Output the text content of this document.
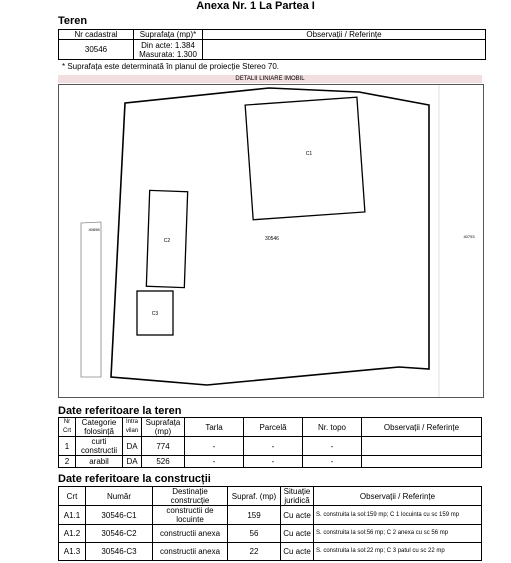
Anexa Nr. 1 La Partea I
Teren
Nr cadastral	Suprafața (mp)*	Observații / Referințe
30546	Din acte: 1.384
Masurata: 1.300	

* Suprafața este determinată în planul de proiecție Stereo 70.
DETALII LINIARE IMOBIL
C1
C2
C3
30546
40698
40793
Date referitoare la teren
Nr Crt	Categorie folosință	Intra vilan	Suprafața (mp)	Tarla	Parcelă	Nr. topo	Observații / Referințe
1	curti constructii	DA	774	-	-	-	
2	arabil	DA	526	-	-	-	
Date referitoare la construcții
Crt	Număr	Destinație construcție	Supraf. (mp)	Situație juridică	Observații / Referințe
A1.1	30546-C1	constructii de locuinte	159	Cu acte	S. construita la sol:159 mp; C 1 locuinta cu sc 159 mp
A1.2	30546-C2	constructii anexa	56	Cu acte	S. construita la sol:56 mp; C 2 anexa cu sc 56 mp
A1.3	30546-C3	constructii anexa	22	Cu acte	S. construita la sol:22 mp; C 3 patul cu sc 22 mp
